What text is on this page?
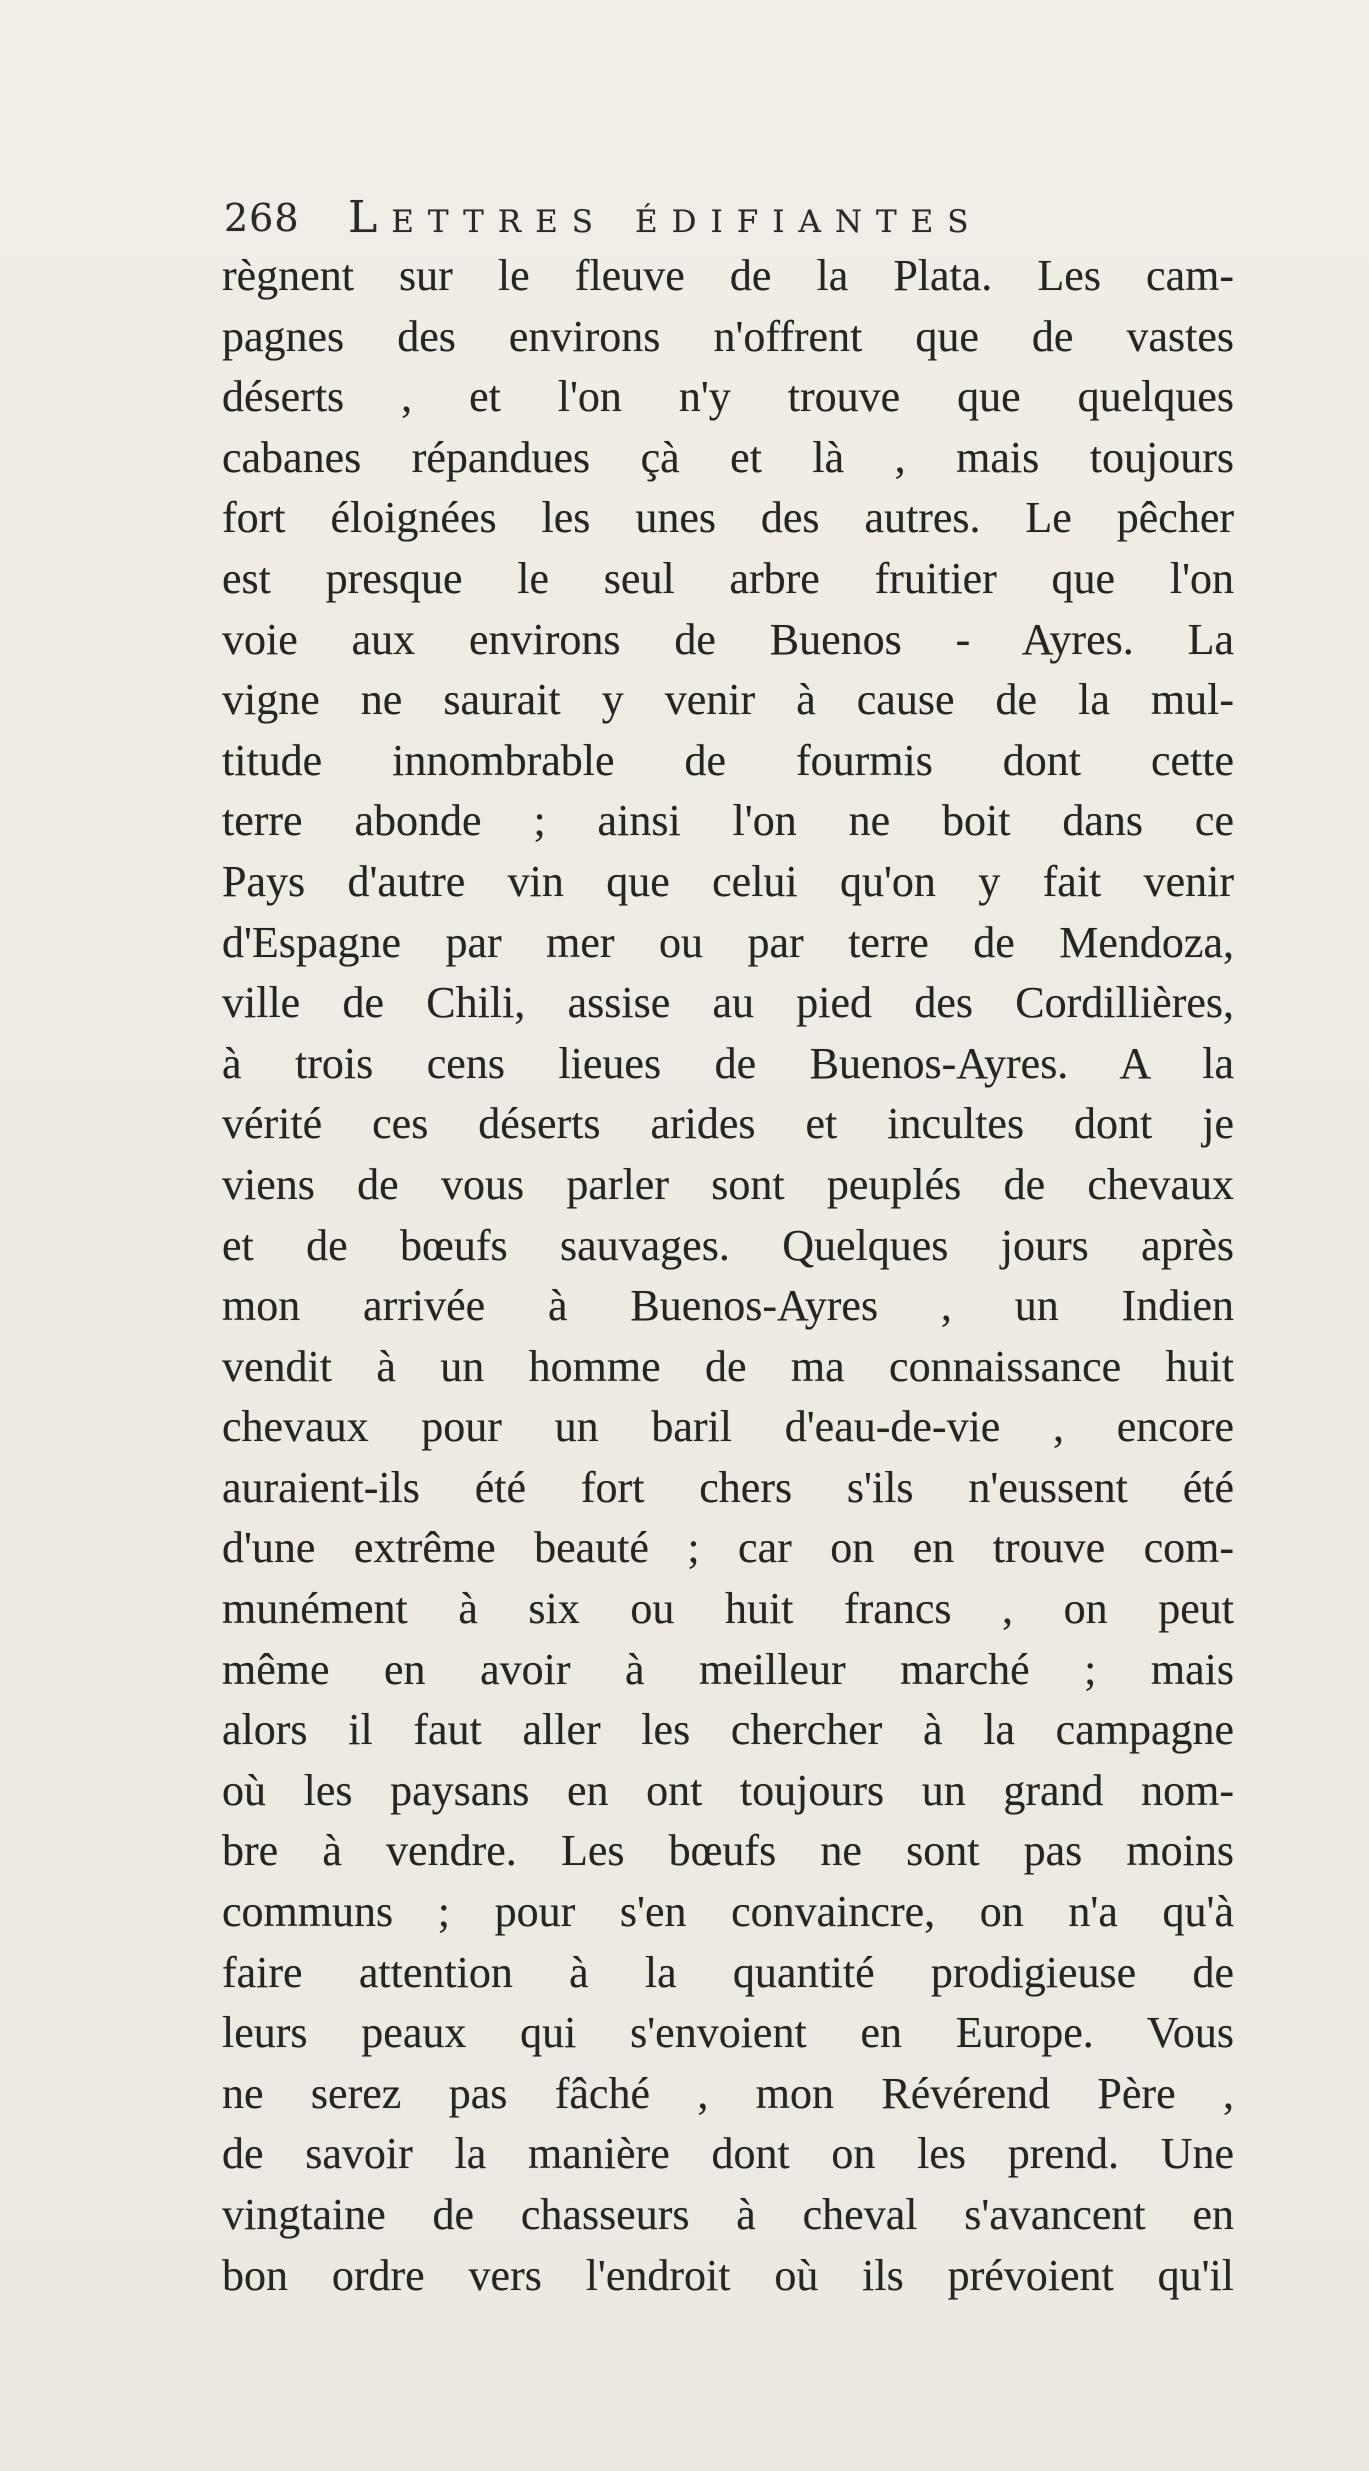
268 Lettres édifiantes
règnent sur le fleuve de la Plata. Les cam-
pagnes des environs n'offrent que de vastes
déserts , et l'on n'y trouve que quelques
cabanes répandues çà et là , mais toujours
fort éloignées les unes des autres. Le pêcher
est presque le seul arbre fruitier que l'on
voie aux environs de Buenos - Ayres. La
vigne ne saurait y venir à cause de la mul-
titude innombrable de fourmis dont cette
terre abonde ; ainsi l'on ne boit dans ce
Pays d'autre vin que celui qu'on y fait venir
d'Espagne par mer ou par terre de Mendoza,
ville de Chili, assise au pied des Cordillières,
à trois cens lieues de Buenos-Ayres. A la
vérité ces déserts arides et incultes dont je
viens de vous parler sont peuplés de chevaux
et de bœufs sauvages. Quelques jours après
mon arrivée à Buenos-Ayres , un Indien
vendit à un homme de ma connaissance huit
chevaux pour un baril d'eau-de-vie , encore
auraient-ils été fort chers s'ils n'eussent été
d'une extrême beauté ; car on en trouve com-
munément à six ou huit francs , on peut
même en avoir à meilleur marché ; mais
alors il faut aller les chercher à la campagne
où les paysans en ont toujours un grand nom-
bre à vendre. Les bœufs ne sont pas moins
communs ; pour s'en convaincre, on n'a qu'à
faire attention à la quantité prodigieuse de
leurs peaux qui s'envoient en Europe. Vous
ne serez pas fâché , mon Révérend Père ,
de savoir la manière dont on les prend. Une
vingtaine de chasseurs à cheval s'avancent en
bon ordre vers l'endroit où ils prévoient qu'il
